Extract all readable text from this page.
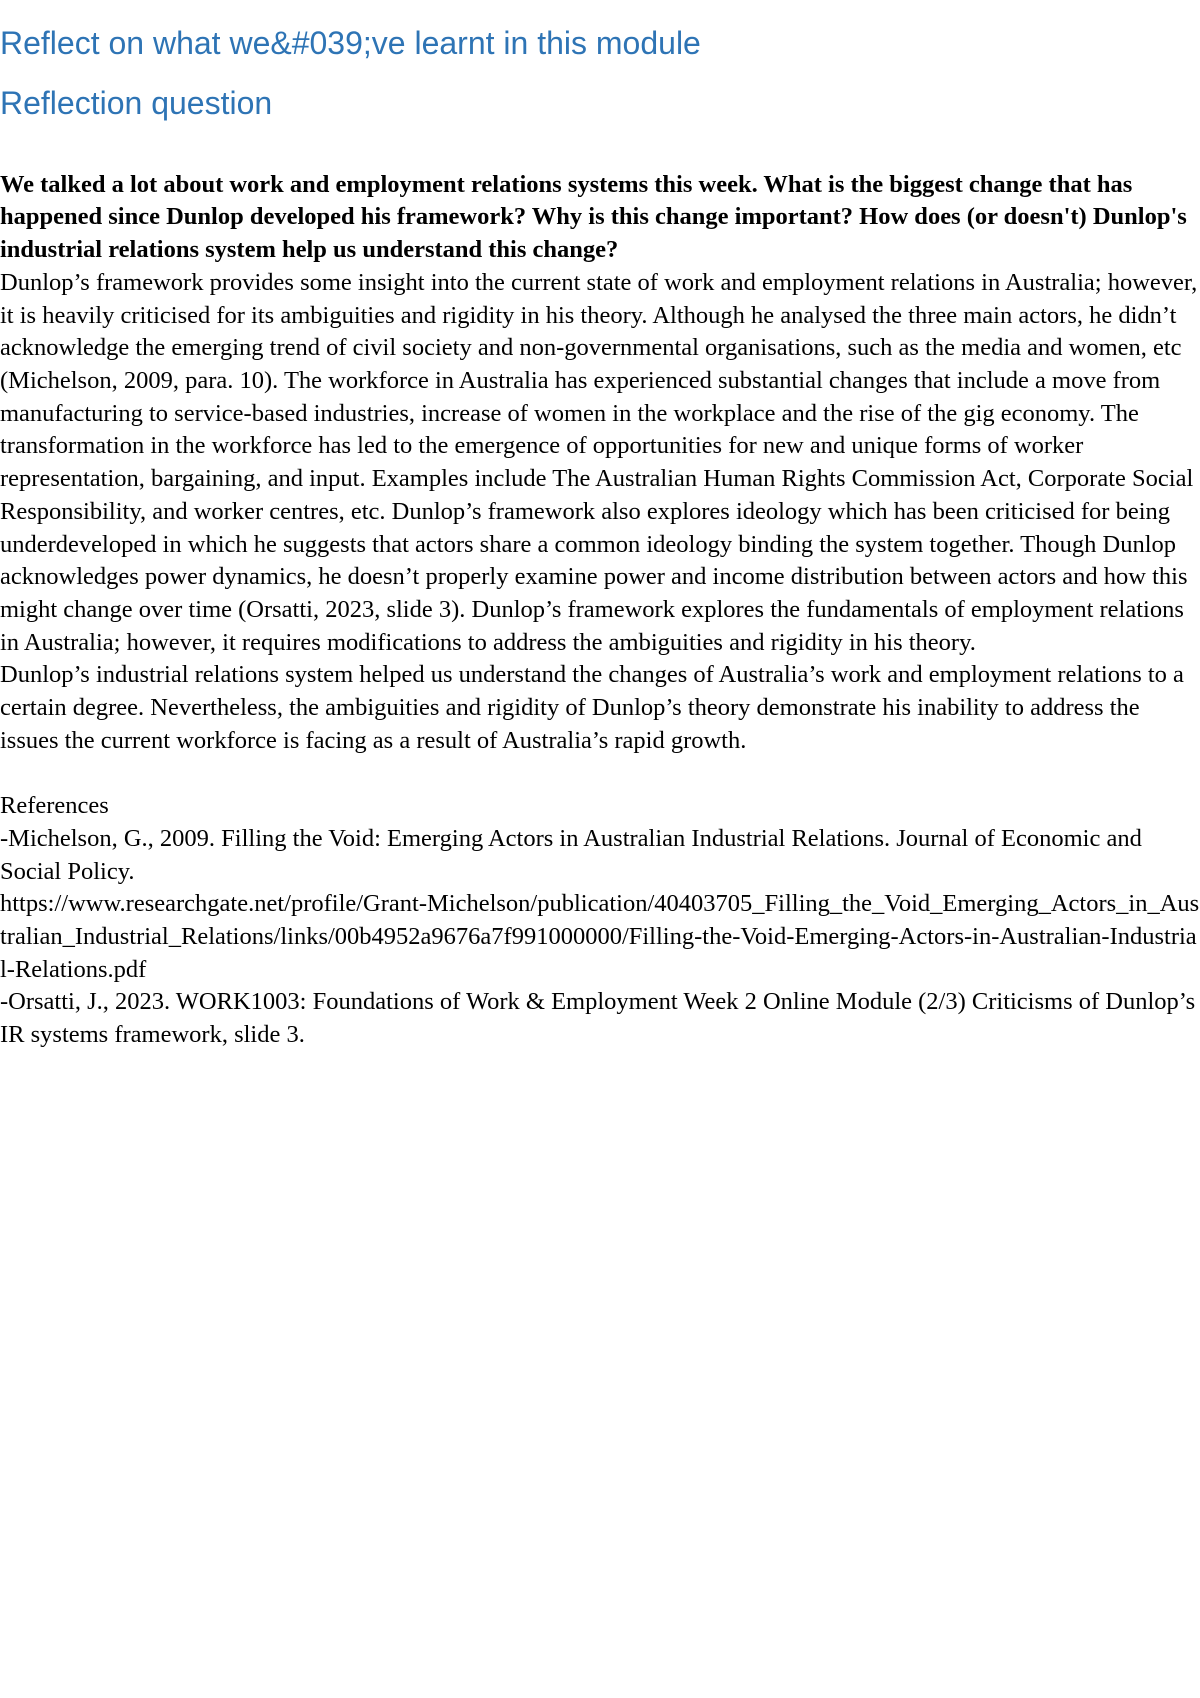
Reflect on what we&#039;ve learnt in this module
Reflection question

We talked a lot about work and employment relations systems this week. What is the biggest change that has happened since Dunlop developed his framework? Why is this change important? How does (or doesn't) Dunlop's industrial relations system help us understand this change?

Dunlop’s framework provides some insight into the current state of work and employment relations in Australia; however, it is heavily criticised for its ambiguities and rigidity in his theory. Although he analysed the three main actors, he didn’t acknowledge the emerging trend of civil society and non-governmental organisations, such as the media and women, etc (Michelson, 2009, para. 10). The workforce in Australia has experienced substantial changes that include a move from manufacturing to service-based industries, increase of women in the workplace and the rise of the gig economy. The transformation in the workforce has led to the emergence of opportunities for new and unique forms of worker representation, bargaining, and input. Examples include The Australian Human Rights Commission Act, Corporate Social Responsibility, and worker centres, etc. Dunlop’s framework also explores ideology which has been criticised for being underdeveloped in which he suggests that actors share a common ideology binding the system together. Though Dunlop acknowledges power dynamics, he doesn’t properly examine power and income distribution between actors and how this might change over time (Orsatti, 2023, slide 3). Dunlop’s framework explores the fundamentals of employment relations in Australia; however, it requires modifications to address the ambiguities and rigidity in his theory.

Dunlop’s industrial relations system helped us understand the changes of Australia’s work and employment relations to a certain degree. Nevertheless, the ambiguities and rigidity of Dunlop’s theory demonstrate his inability to address the issues the current workforce is facing as a result of Australia’s rapid growth.

References

-Michelson, G., 2009. Filling the Void: Emerging Actors in Australian Industrial Relations. Journal of Economic and Social Policy.

https://www.researchgate.net/profile/Grant-Michelson/publication/40403705_Filling_the_Void_Emerging_Actors_in_Australian_Industrial_Relations/links/00b4952a9676a7f991000000/Filling-the-Void-Emerging-Actors-in-Australian-Industrial-Relations.pdf

-Orsatti, J., 2023. WORK1003: Foundations of Work & Employment Week 2 Online Module (2/3) Criticisms of Dunlop’s IR systems framework, slide 3.
